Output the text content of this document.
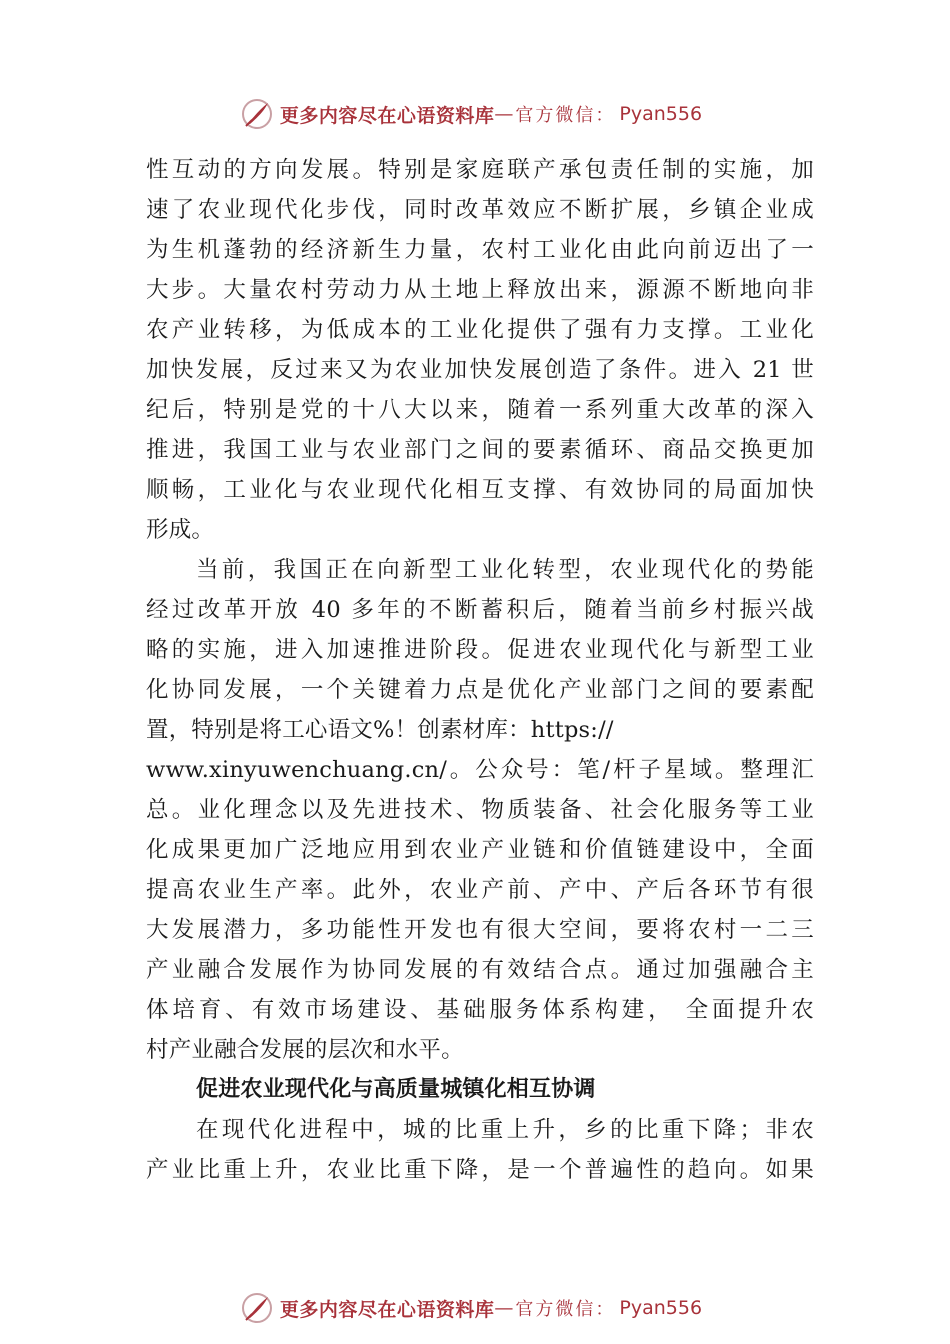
更多内容尽在心语资料库 — 官方微信： Pyan556
性互动的方向发展。特别是家庭联产承包责任制的实施，加
速了农业现代化步伐，同时改革效应不断扩展，乡镇企业成
为生机蓬勃的经济新生力量，农村工业化由此向前迈出了一
大步。大量农村劳动力从土地上释放出来，源源不断地向非
农产业转移，为低成本的工业化提供了强有力支撑。工业化
加快发展，反过来又为农业加快发展创造了条件。进入 21 世
纪后，特别是党的十八大以来，随着一系列重大改革的深入
推进，我国工业与农业部门之间的要素循环、商品交换更加
顺畅，工业化与农业现代化相互支撑、有效协同的局面加快
形成。
当前，我国正在向新型工业化转型，农业现代化的势能
经过改革开放 40 多年的不断蓄积后，随着当前乡村振兴战
略的实施，进入加速推进阶段。促进农业现代化与新型工业
化协同发展，一个关键着力点是优化产业部门之间的要素配
置，特别是将工心语文%！创素材库：https://
www.xinyuwenchuang.cn/。公众号：笔/杆子星域。整理汇
总。业化理念以及先进技术、物质装备、社会化服务等工业
化成果更加广泛地应用到农业产业链和价值链建设中，全面
提高农业生产率。此外，农业产前、产中、产后各环节有很
大发展潜力，多功能性开发也有很大空间，要将农村一二三
产业融合发展作为协同发展的有效结合点。通过加强融合主
体培育、有效市场建设、基础服务体系构建， 全面提升农
村产业融合发展的层次和水平。
促进农业现代化与高质量城镇化相互协调
在现代化进程中，城的比重上升，乡的比重下降；非农
产业比重上升，农业比重下降，是一个普遍性的趋向。如果
更多内容尽在心语资料库 — 官方微信： Pyan556
